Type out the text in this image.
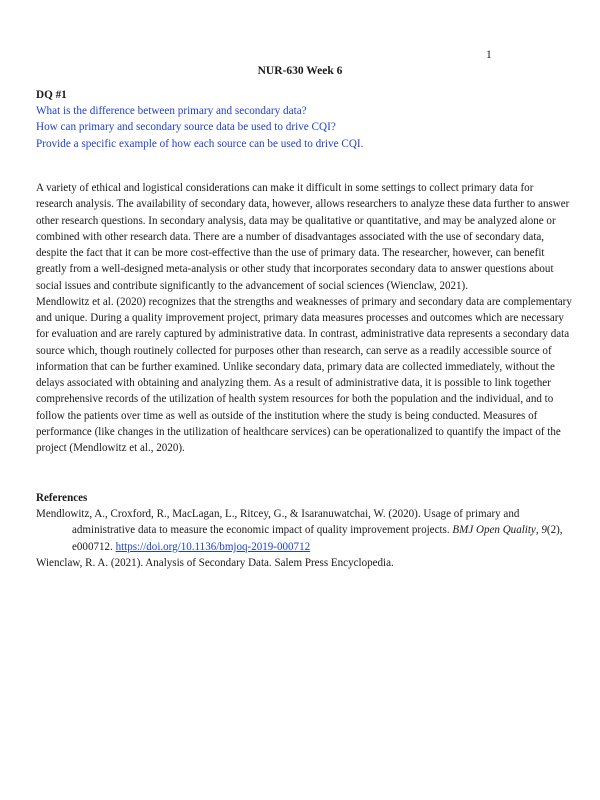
1
NUR-630 Week 6
DQ #1
What is the difference between primary and secondary data?
How can primary and secondary source data be used to drive CQI?
Provide a specific example of how each source can be used to drive CQI.

A variety of ethical and logistical considerations can make it difficult in some settings to collect primary data for research analysis. The availability of secondary data, however, allows researchers to analyze these data further to answer other research questions. In secondary analysis, data may be qualitative or quantitative, and may be analyzed alone or combined with other research data. There are a number of disadvantages associated with the use of secondary data, despite the fact that it can be more cost-effective than the use of primary data. The researcher, however, can benefit greatly from a well-designed meta-analysis or other study that incorporates secondary data to answer questions about social issues and contribute significantly to the advancement of social sciences (Wienclaw, 2021).

Mendlowitz et al. (2020) recognizes that the strengths and weaknesses of primary and secondary data are complementary and unique. During a quality improvement project, primary data measures processes and outcomes which are necessary for evaluation and are rarely captured by administrative data. In contrast, administrative data represents a secondary data source which, though routinely collected for purposes other than research, can serve as a readily accessible source of information that can be further examined. Unlike secondary data, primary data are collected immediately, without the delays associated with obtaining and analyzing them. As a result of administrative data, it is possible to link together comprehensive records of the utilization of health system resources for both the population and the individual, and to follow the patients over time as well as outside of the institution where the study is being conducted. Measures of performance (like changes in the utilization of healthcare services) can be operationalized to quantify the impact of the project (Mendlowitz et al., 2020).

References
Mendlowitz, A., Croxford, R., MacLagan, L., Ritcey, G., & Isaranuwatchai, W. (2020). Usage of primary and administrative data to measure the economic impact of quality improvement projects. BMJ Open Quality, 9(2), e000712. https://doi.org/10.1136/bmjoq-2019-000712
Wienclaw, R. A. (2021). Analysis of Secondary Data. Salem Press Encyclopedia.
